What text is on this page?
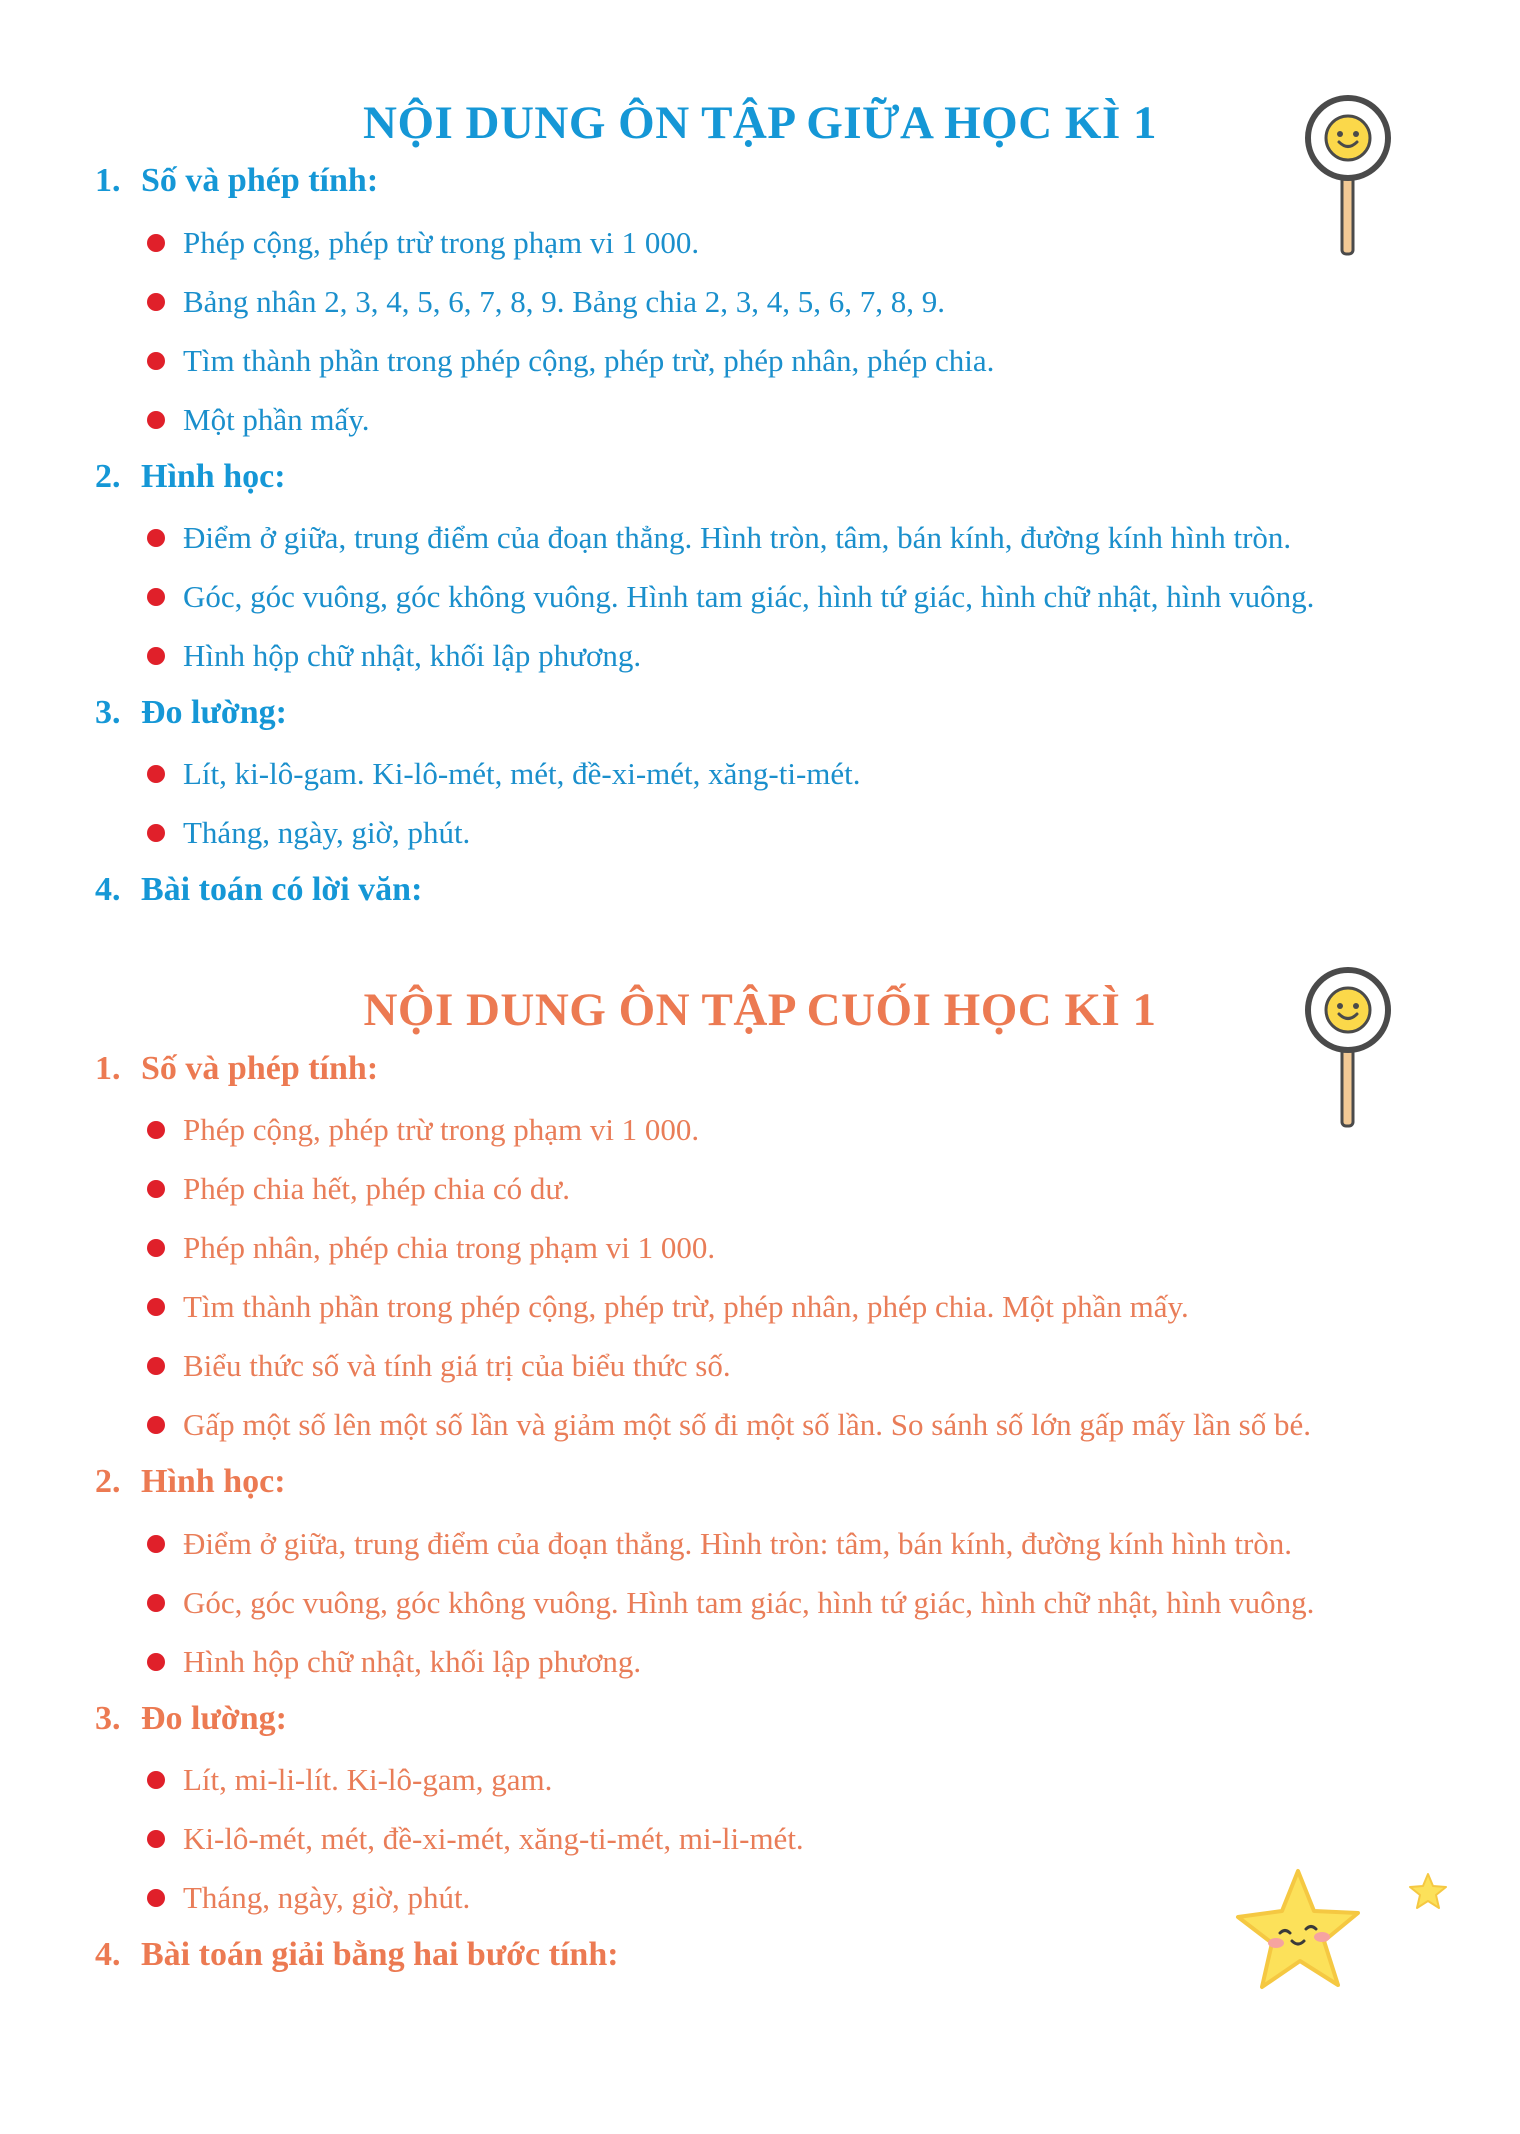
NỘI DUNG ÔN TẬP GIỮA HỌC KÌ 1
1. Số và phép tính:
Phép cộng, phép trừ trong phạm vi 1 000.
Bảng nhân 2, 3, 4, 5, 6, 7, 8, 9. Bảng chia 2, 3, 4, 5, 6, 7, 8, 9.
Tìm thành phần trong phép cộng, phép trừ, phép nhân, phép chia.
Một phần mấy.
2. Hình học:
Điểm ở giữa, trung điểm của đoạn thẳng. Hình tròn, tâm, bán kính, đường kính hình tròn.
Góc, góc vuông, góc không vuông. Hình tam giác, hình tứ giác, hình chữ nhật, hình vuông.
Hình hộp chữ nhật, khối lập phương.
3. Đo lường:
Lít, ki-lô-gam. Ki-lô-mét, mét, đề-xi-mét, xăng-ti-mét.
Tháng, ngày, giờ, phút.
4. Bài toán có lời văn:
NỘI DUNG ÔN TẬP CUỐI HỌC KÌ 1
1. Số và phép tính:
Phép cộng, phép trừ trong phạm vi 1 000.
Phép chia hết, phép chia có dư.
Phép nhân, phép chia trong phạm vi 1 000.
Tìm thành phần trong phép cộng, phép trừ, phép nhân, phép chia. Một phần mấy.
Biểu thức số và tính giá trị của biểu thức số.
Gấp một số lên một số lần và giảm một số đi một số lần. So sánh số lớn gấp mấy lần số bé.
2. Hình học:
Điểm ở giữa, trung điểm của đoạn thẳng. Hình tròn: tâm, bán kính, đường kính hình tròn.
Góc, góc vuông, góc không vuông. Hình tam giác, hình tứ giác, hình chữ nhật, hình vuông.
Hình hộp chữ nhật, khối lập phương.
3. Đo lường:
Lít, mi-li-lít. Ki-lô-gam, gam.
Ki-lô-mét, mét, đề-xi-mét, xăng-ti-mét, mi-li-mét.
Tháng, ngày, giờ, phút.
4. Bài toán giải bằng hai bước tính:
